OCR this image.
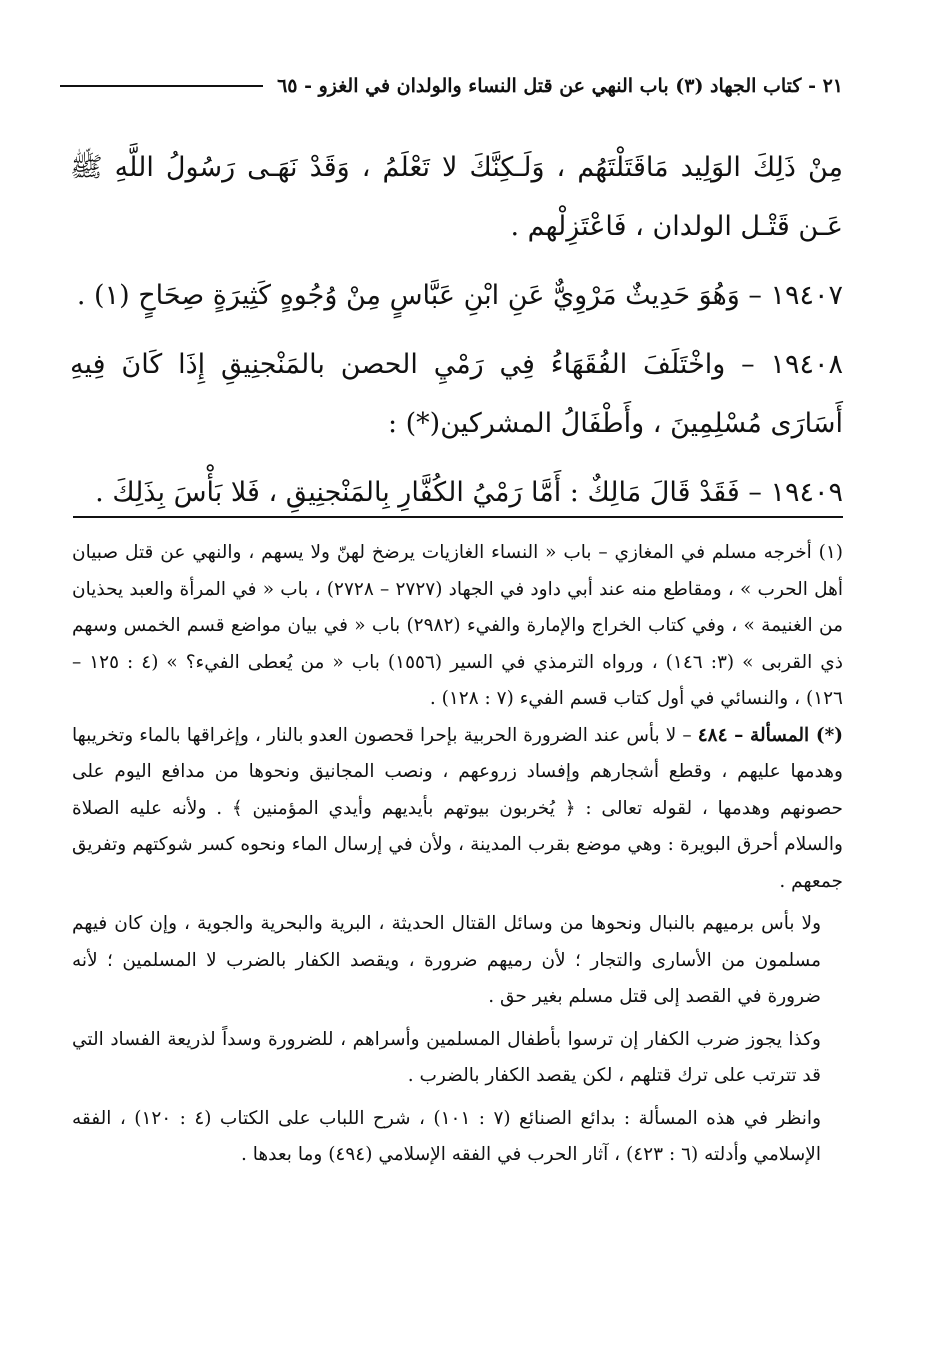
٢١ - كتاب الجهاد (٣) باب النهي عن قتل النساء والولدان في الغزو - ٦٥

مِنْ ذَلِكَ الوَلِيد مَاقَتَلْتَهُم ، وَلَـكِنَّكَ لا تَعْلَمُ ، وَقَدْ نَهَـى رَسُولُ اللَّهِ ﷺ عَـن قَتْـل الولدان ، فَاعْتَزِلْهم .

١٩٤٠٧ – وَهُوَ حَدِيثٌ مَرْوِيٌّ عَنِ ابْنِ عَبَّاسٍ مِنْ وُجُوهٍ كَثِيرَةٍ صِحَاحٍ (١) .

١٩٤٠٨ – واخْتَلَفَ الفُقَهَاءُ فِي رَمْيِ الحصن بالمَنْجنِيقِ إِذَا كَانَ فِيهِ أَسَارَى مُسْلِمِينَ ، وأَطْفَالُ المشركين(*) :

١٩٤٠٩ – فَقَدْ قَالَ مَالِكٌ : أَمَّا رَمْيُ الكُفَّارِ بِالمَنْجنِيقِ ، فَلا بَأْسَ بِذَلِكَ .

(١) أخرجه مسلم في المغازي – باب « النساء الغازيات يرضخ لهنّ ولا يسهم ، والنهي عن قتل صبيان أهل الحرب » ، ومقاطع منه عند أبي داود في الجهاد (٢٧٢٧ – ٢٧٢٨) ، باب « في المرأة والعبد يحذيان من الغنيمة » ، وفي كتاب الخراج والإمارة والفيء (٢٩٨٢) باب « في بيان مواضع قسم الخمس وسهم ذي القربى » (٣: ١٤٦) ، ورواه الترمذي في السير (١٥٥٦) باب « من يُعطى الفيء؟ » (٤ : ١٢٥ – ١٢٦) ، والنسائي في أول كتاب قسم الفيء (٧ : ١٢٨) .

(*) المسألة – ٤٨٤ – لا بأس عند الضرورة الحربية بإحرا قحصون العدو بالنار ، وإغراقها بالماء وتخريبها وهدمها عليهم ، وقطع أشجارهم وإفساد زروعهم ، ونصب المجانيق ونحوها من مدافع اليوم على حصونهم وهدمها ، لقوله تعالى : ﴿ يُخربون بيوتهم بأيديهم وأيدي المؤمنين ﴾ . ولأنه عليه الصلاة والسلام أحرق البويرة : وهي موضع بقرب المدينة ، ولأن في إرسال الماء ونحوه كسر شوكتهم وتفريق جمعهم .

ولا بأس برميهم بالنبال ونحوها من وسائل القتال الحديثة ، البرية والبحرية والجوية ، وإن كان فيهم مسلمون من الأسارى والتجار ؛ لأن رميهم ضرورة ، ويقصد الكفار بالضرب لا المسلمين ؛ لأنه ضرورة في القصد إلى قتل مسلم بغير حق .

وكذا يجوز ضرب الكفار إن ترسوا بأطفال المسلمين وأسراهم ، للضرورة وسداً لذريعة الفساد التي قد تترتب على ترك قتلهم ، لكن يقصد الكفار بالضرب .

وانظر في هذه المسألة : بدائع الصنائع (٧ : ١٠١) ، شرح اللباب على الكتاب (٤ : ١٢٠) ، الفقه الإسلامي وأدلته (٦ : ٤٢٣) ، آثار الحرب في الفقه الإسلامي (٤٩٤) وما بعدها .
